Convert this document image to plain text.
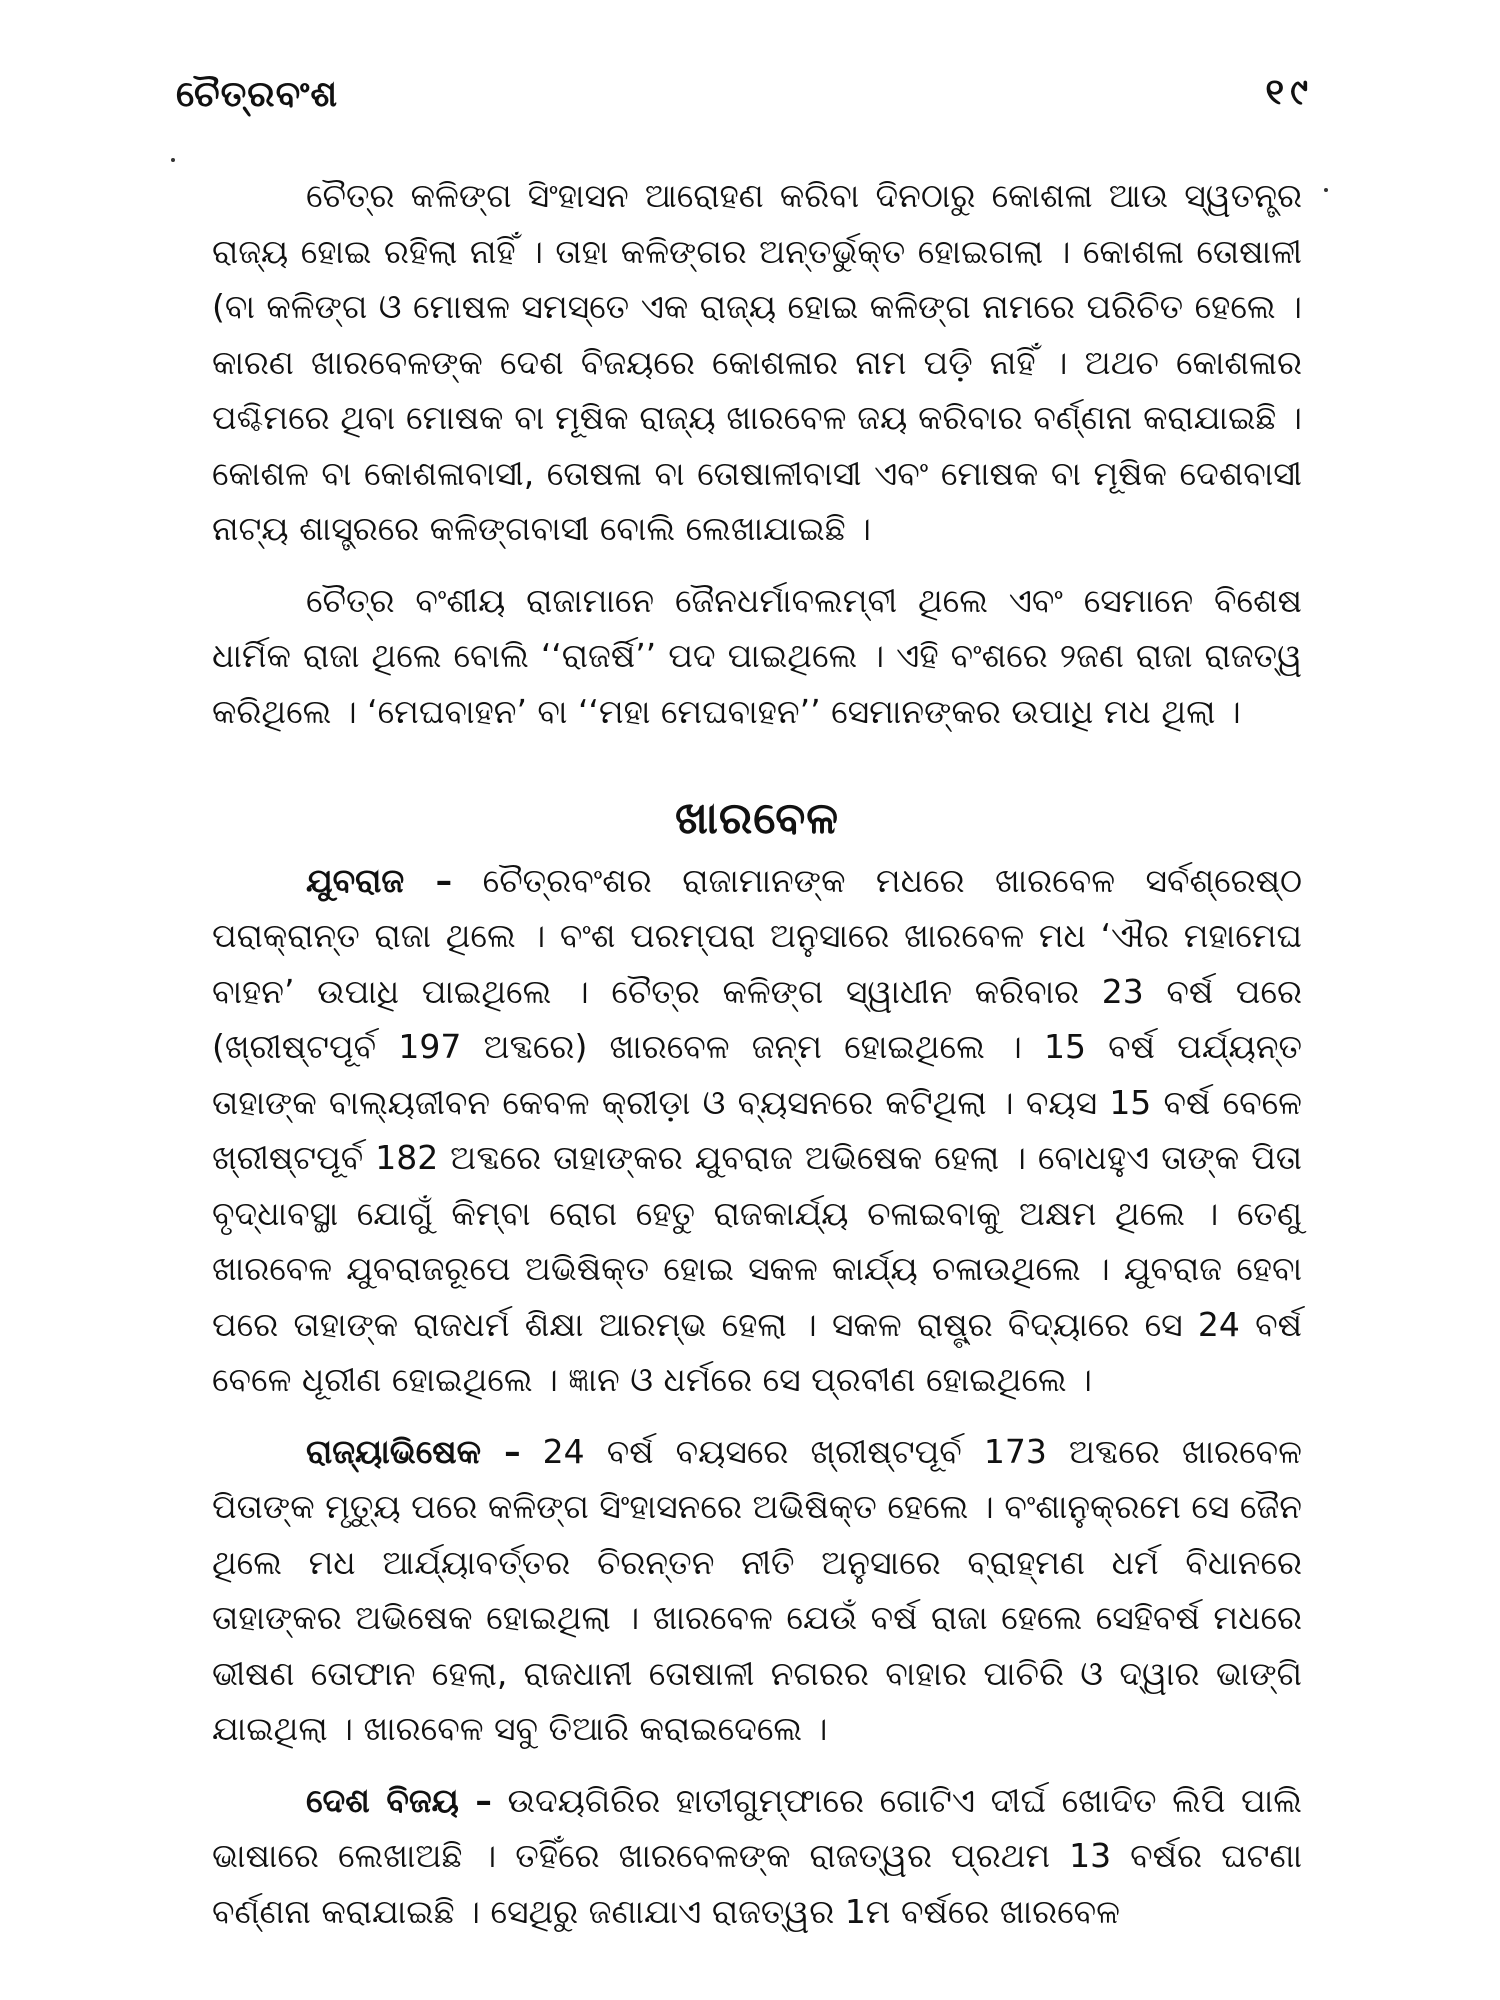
ଚୈତ୍ରବଂଶ	୧୯

ଚୈତ୍ର କଳିଙ୍ଗ ସିଂହାସନ ଆରୋହଣ କରିବା ଦିନଠାରୁ କୋଶଳା ଆଉ ସ୍ୱତନ୍ତ୍ର ରାଜ୍ୟ ହୋଇ ରହିଲା ନାହିଁ । ତାହା କଳିଙ୍ଗର ଅନ୍ତର୍ଭୁକ୍ତ ହୋଇଗଲା । କୋଶଳା ତୋଷାଳୀ (ବା କଳିଙ୍ଗ ଓ ମୋଷଳ ସମସ୍ତେ ଏକ ରାଜ୍ୟ ହୋଇ କଳିଙ୍ଗ ନାମରେ ପରିଚିତ ହେଲେ । କାରଣ ଖାରବେଳଙ୍କ ଦେଶ ବିଜୟରେ କୋଶଳାର ନାମ ପଡ଼ି ନାହିଁ । ଅଥଚ କୋଶଳାର ପଶ୍ଚିମରେ ଥିବା ମୋଷକ ବା ମୂଷିକ ରାଜ୍ୟ ଖାରବେଳ ଜୟ କରିବାର ବର୍ଣ୍ଣନା କରାଯାଇଛି । କୋଶଳ ବା କୋଶଳାବାସୀ, ତୋଷଳା ବା ତୋଷାଳୀବାସୀ ଏବଂ ମୋଷକ ବା ମୂଷିକ ଦେଶବାସୀ ନାଟ୍ୟ ଶାସ୍ତ୍ରରେ କଳିଙ୍ଗବାସୀ ବୋଲି ଲେଖାଯାଇଛି ।

ଚୈତ୍ର ବଂଶୀୟ ରାଜାମାନେ ଜୈନଧର୍ମାବଲମ୍ବୀ ଥିଲେ ଏବଂ ସେମାନେ ବିଶେଷ ଧାର୍ମିକ ରାଜା ଥିଲେ ବୋଲି ‘‘ରାଜର୍ଷି’’ ପଦ ପାଇଥିଲେ । ଏହି ବଂଶରେ ୨ଜଣ ରାଜା ରାଜତ୍ୱ କରିଥିଲେ । ‘ମେଘବାହନ’ ବା ‘‘ମହା ମେଘବାହନ’’ ସେମାନଙ୍କର ଉପାଧି ମଧ ଥିଲା ।

ଖାରବେଳ

ଯୁବରାଜ – ଚୈତ୍ରବଂଶର ରାଜାମାନଙ୍କ ମଧରେ ଖାରବେଳ ସର୍ବଶ୍ରେଷ୍ଠ ପରାକ୍ରାନ୍ତ ରାଜା ଥିଲେ । ବଂଶ ପରମ୍ପରା ଅନୁସାରେ ଖାରବେଳ ମଧ ‘ଐର ମହାମେଘ ବାହନ’ ଉପାଧି ପାଇଥିଲେ । ଚୈତ୍ର କଳିଙ୍ଗ ସ୍ୱାଧୀନ କରିବାର 23 ବର୍ଷ ପରେ (ଖ୍ରୀଷ୍ଟପୂର୍ବ 197 ଅବ୍ଦରେ) ଖାରବେଳ ଜନ୍ମ ହୋଇଥିଲେ । 15 ବର୍ଷ ପର୍ଯ୍ୟନ୍ତ ତାହାଙ୍କ ବାଲ୍ୟଜୀବନ କେବଳ କ୍ରୀଡ଼ା ଓ ବ୍ୟସନରେ କଟିଥିଲା । ବୟସ 15 ବର୍ଷ ବେଳେ ଖ୍ରୀଷ୍ଟପୂର୍ବ 182 ଅବ୍ଦରେ ତାହାଙ୍କର ଯୁବରାଜ ଅଭିଷେକ ହେଲା । ବୋଧହୁଏ ତାଙ୍କ ପିତା ବୃଦ୍ଧାବସ୍ଥା ଯୋଗୁଁ କିମ୍ବା ରୋଗ ହେତୁ ରାଜକାର୍ଯ୍ୟ ଚଳାଇବାକୁ ଅକ୍ଷମ ଥିଲେ । ତେଣୁ ଖାରବେଳ ଯୁବରାଜରୂପେ ଅଭିଷିକ୍ତ ହୋଇ ସକଳ କାର୍ଯ୍ୟ ଚଳାଉଥିଲେ । ଯୁବରାଜ ହେବା ପରେ ତାହାଙ୍କ ରାଜଧର୍ମ ଶିକ୍ଷା ଆରମ୍ଭ ହେଲା । ସକଳ ରାଷ୍ଟ୍ର ବିଦ୍ୟାରେ ସେ 24 ବର୍ଷ ବେଳେ ଧୂରୀଣ ହୋଇଥିଲେ । ଜ୍ଞାନ ଓ ଧର୍ମରେ ସେ ପ୍ରବୀଣ ହୋଇଥିଲେ ।

ରାଜ୍ୟାଭିଷେକ – 24 ବର୍ଷ ବୟସରେ ଖ୍ରୀଷ୍ଟପୂର୍ବ 173 ଅବ୍ଦରେ ଖାରବେଳ ପିତାଙ୍କ ମୃତ୍ୟୁ ପରେ କଳିଙ୍ଗ ସିଂହାସନରେ ଅଭିଷିକ୍ତ ହେଲେ । ବଂଶାନୁକ୍ରମେ ସେ ଜୈନ ଥିଲେ ମଧ ଆର୍ଯ୍ୟାବର୍ତ୍ତର ଚିରନ୍ତନ ନୀତି ଅନୁସାରେ ବ୍ରାହ୍ମଣ ଧର୍ମ ବିଧାନରେ ତାହାଙ୍କର ଅଭିଷେକ ହୋଇଥିଲା । ଖାରବେଳ ଯେଉଁ ବର୍ଷ ରାଜା ହେଲେ ସେହିବର୍ଷ ମଧରେ ଭୀଷଣ ତୋଫାନ ହେଲା, ରାଜଧାନୀ ତୋଷାଳୀ ନଗରର ବାହାର ପାଚିରି ଓ ଦ୍ୱାର ଭାଙ୍ଗି ଯାଇଥିଲା । ଖାରବେଳ ସବୁ ତିଆରି କରାଇଦେଲେ ।

ଦେଶ ବିଜୟ – ଉଦୟଗିରିର ହାତୀଗୁମ୍ଫାରେ ଗୋଟିଏ ଦୀର୍ଘ ଖୋଦିତ ଲିପି ପାଲି ଭାଷାରେ ଲେଖାଅଛି । ତହିଁରେ ଖାରବେଳଙ୍କ ରାଜତ୍ୱର ପ୍ରଥମ 13 ବର୍ଷର ଘଟଣା ବର୍ଣ୍ଣନା କରାଯାଇଛି । ସେଥିରୁ ଜଣାଯାଏ ରାଜତ୍ୱର 1ମ ବର୍ଷରେ ଖାରବେଳ
